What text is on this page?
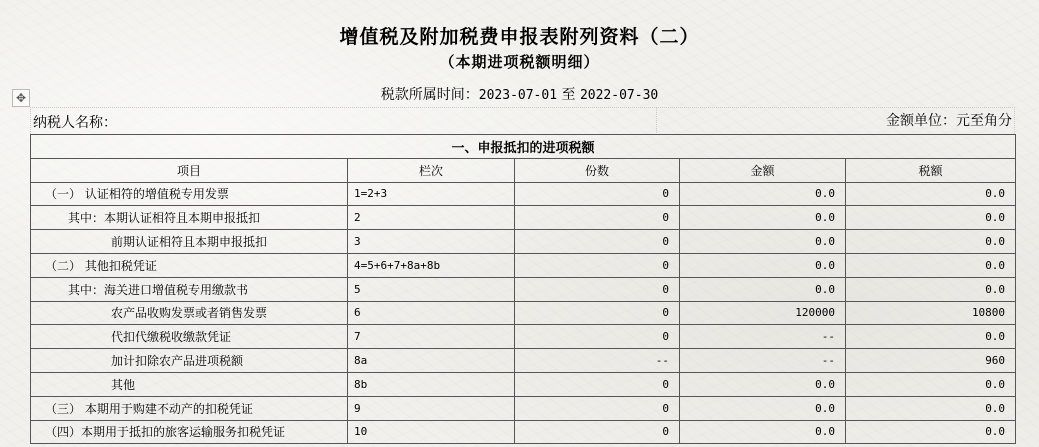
增值税及附加税费申报表附列资料（二）
（本期进项税额明细）
税款所属时间：2023-07-01 至 2022-07-30
✥
纳税人名称：	金额单位：元至角分
一、申报抵扣的进项税额				
项目	栏次	份数	金额	税额
（一） 认证相符的增值税专用发票	1=2+3	0	0.0	0.0
其中：本期认证相符且本期申报抵扣	2	0	0.0	0.0
前期认证相符且本期申报抵扣	3	0	0.0	0.0
（二） 其他扣税凭证	4=5+6+7+8a+8b	0	0.0	0.0
其中：海关进口增值税专用缴款书	5	0	0.0	0.0
农产品收购发票或者销售发票	6	0	120000	10800
代扣代缴税收缴款凭证	7	0	--	0.0
加计扣除农产品进项税额	8a	--	--	960
其他	8b	0	0.0	0.0
（三） 本期用于购建不动产的扣税凭证	9	0	0.0	0.0
（四）本期用于抵扣的旅客运输服务扣税凭证	10	0	0.0	0.0
